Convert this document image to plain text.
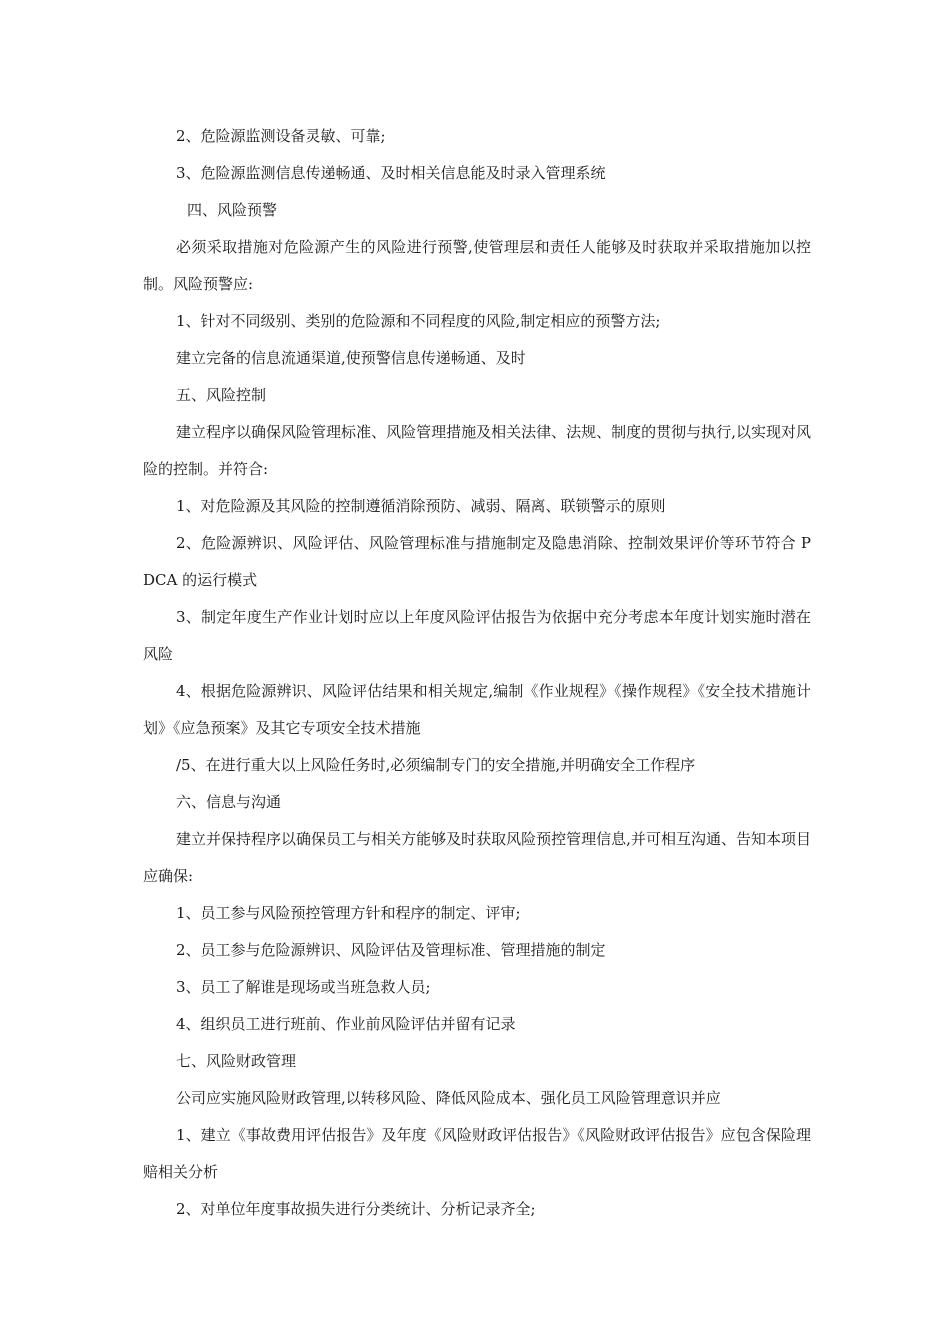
2、危险源监测设备灵敏、可靠;

3、危险源监测信息传递畅通、及时相关信息能及时录入管理系统

四、风险预警

必须采取措施对危险源产生的风险进行预警,使管理层和责任人能够及时获取并采取措施加以控制。风险预警应:

1、针对不同级别、类别的危险源和不同程度的风险,制定相应的预警方法;

建立完备的信息流通渠道,使预警信息传递畅通、及时

五、风险控制

建立程序以确保风险管理标准、风险管理措施及相关法律、法规、制度的贯彻与执行,以实现对风险的控制。并符合:

1、对危险源及其风险的控制遵循消除预防、减弱、隔离、联锁警示的原则

2、危险源辨识、风险评估、风险管理标准与措施制定及隐患消除、控制效果评价等环节符合 PDCA 的运行模式

3、制定年度生产作业计划时应以上年度风险评估报告为依据中充分考虑本年度计划实施时潜在风险

4、根据危险源辨识、风险评估结果和相关规定,编制《作业规程》《操作规程》《安全技术措施计划》《应急预案》及其它专项安全技术措施

/5、在进行重大以上风险任务时,必须编制专门的安全措施,并明确安全工作程序

六、信息与沟通

建立并保持程序以确保员工与相关方能够及时获取风险预控管理信息,并可相互沟通、告知本项目应确保:

1、员工参与风险预控管理方针和程序的制定、评审;

2、员工参与危险源辨识、风险评估及管理标准、管理措施的制定

3、员工了解谁是现场或当班急救人员;

4、组织员工进行班前、作业前风险评估并留有记录

七、风险财政管理

公司应实施风险财政管理,以转移风险、降低风险成本、强化员工风险管理意识并应

1、建立《事故费用评估报告》及年度《风险财政评估报告》《风险财政评估报告》应包含保险理赔相关分析

2、对单位年度事故损失进行分类统计、分析记录齐全;
